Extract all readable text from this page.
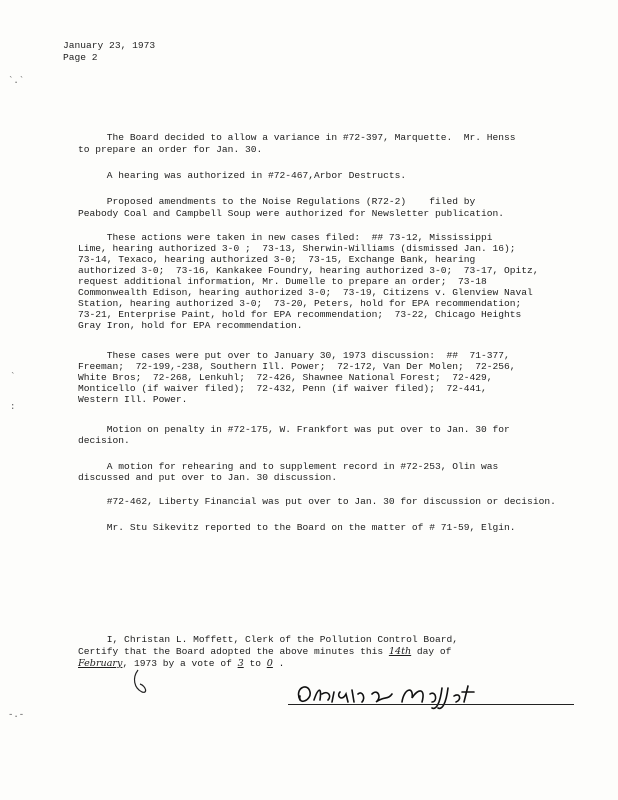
January 23, 1973
Page 2
`.`
`
:
-.-
The Board decided to allow a variance in #72-397, Marquette.  Mr. Henss
to prepare an order for Jan. 30.
A hearing was authorized in #72-467,Arbor Destructs.
Proposed amendments to the Noise Regulations (R72-2)    filed by
Peabody Coal and Campbell Soup were authorized for Newsletter publication.
These actions were taken in new cases filed:  ## 73-12, Mississippi
Lime, hearing authorized 3-0 ;  73-13, Sherwin-Williams (dismissed Jan. 16);
73-14, Texaco, hearing authorized 3-0;  73-15, Exchange Bank, hearing
authorized 3-0;  73-16, Kankakee Foundry, hearing authorized 3-0;  73-17, Opitz,
request additional information, Mr. Dumelle to prepare an order;  73-18
Commonwealth Edison, hearing authorized 3-0;  73-19, Citizens v. Glenview Naval
Station, hearing authorized 3-0;  73-20, Peters, hold for EPA recommendation;
73-21, Enterprise Paint, hold for EPA recommendation;  73-22, Chicago Heights
Gray Iron, hold for EPA recommendation.
These cases were put over to January 30, 1973 discussion:  ##  71-377,
Freeman;  72-199,-238, Southern Ill. Power;  72-172, Van Der Molen;  72-256,
White Bros;  72-268, Lenkuhl;  72-426, Shawnee National Forest;  72-429,
Monticello (if waiver filed);  72-432, Penn (if waiver filed);  72-441,
Western Ill. Power.
Motion on penalty in #72-175, W. Frankfort was put over to Jan. 30 for
decision.
A motion for rehearing and to supplement record in #72-253, Olin was
discussed and put over to Jan. 30 discussion.
#72-462, Liberty Financial was put over to Jan. 30 for discussion or decision.
Mr. Stu Sikevitz reported to the Board on the matter of # 71-59, Elgin.
I, Christan L. Moffett, Clerk of the Pollution Control Board,
Certify that the Board adopted the above minutes this 14th day of
February, 1973 by a vote of 3 to 0 .
